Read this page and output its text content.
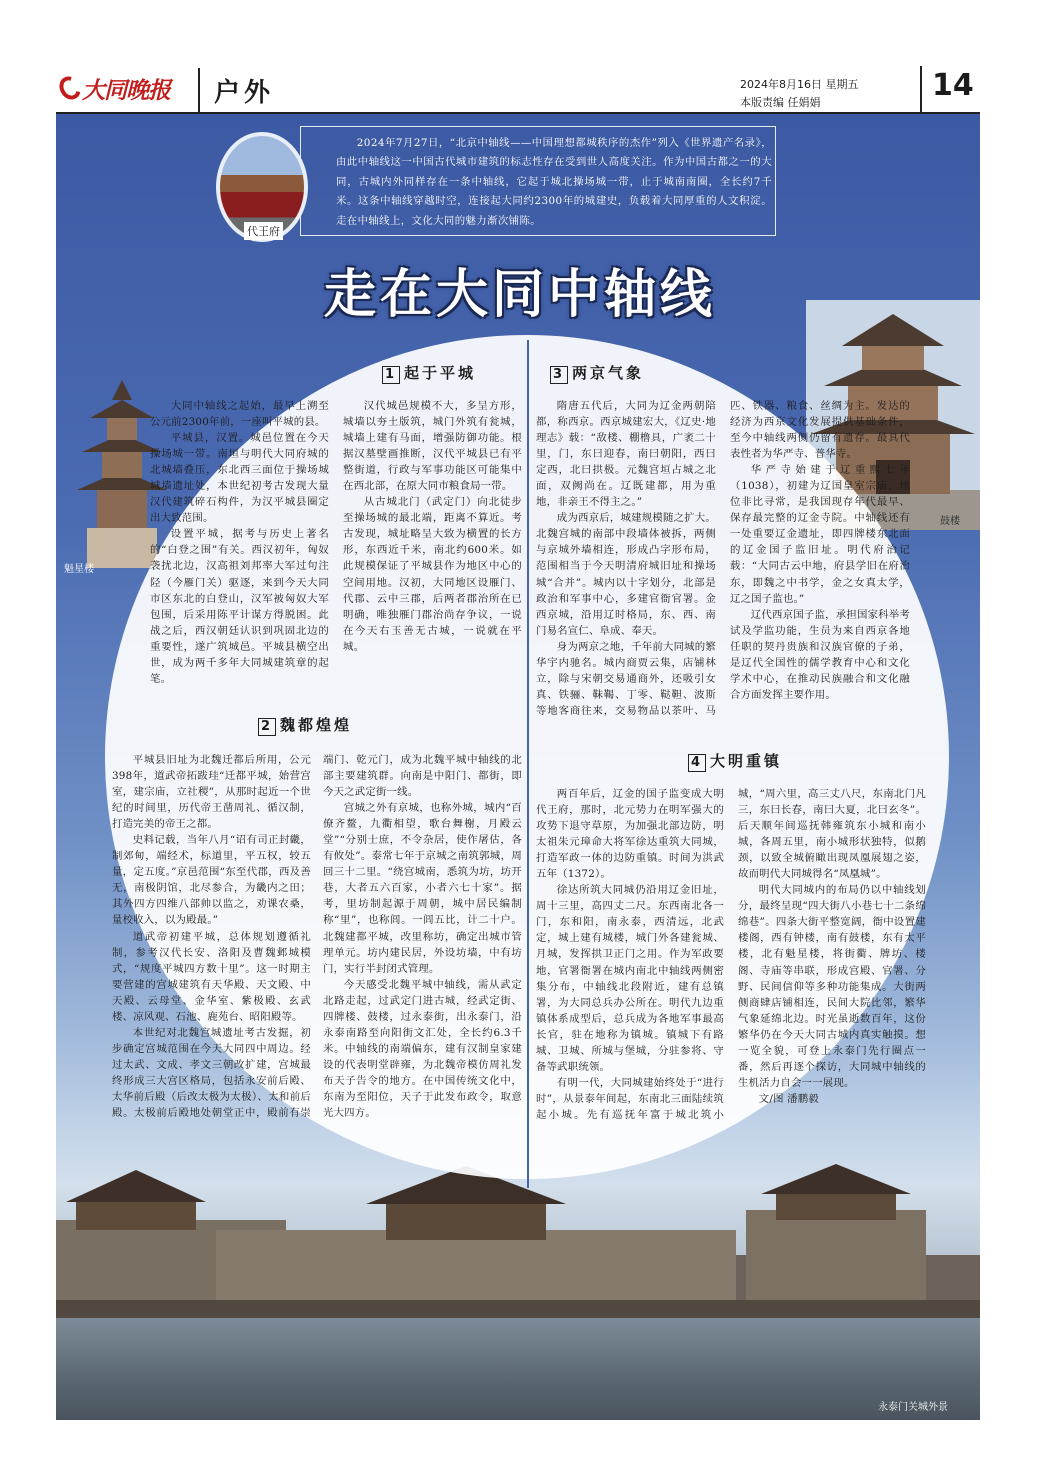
大同晚报 户外	2024年8月16日 星期五
本版责编 任娟娟	14
魁星楼
鼓楼
永泰门关城外景
2024年7月27日，“北京中轴线——中国理想都城秩序的杰作”列入《世界遗产名录》，由此中轴线这一中国古代城市建筑的标志性存在受到世人高度关注。作为中国古都之一的大同，古城内外同样存在一条中轴线，它起于城北操场城一带，止于城南南圈，全长约7千米。这条中轴线穿越时空，连接起大同约2300年的城建史，负载着大同厚重的人文积淀。走在中轴线上，文化大同的魅力渐次铺陈。
代王府
走在大同中轴线
1 起于平城

大同中轴线之起始，最早上溯至公元前2300年前，一座叫平城的县。

平城县，汉置。城邑位置在今天操场城一带。南垣与明代大同府城的北城墙叠压，东北西三面位于操场城城墙遗址处，本世纪初考古发现大量汉代建筑碎石构件，为汉平城县圈定出大致范围。

设置平城，据考与历史上著名的“白登之围”有关。西汉初年，匈奴袭扰北边，汉高祖刘邦率大军过句注陉（今雁门关）驱逐，来到今天大同市区东北的白登山，汉军被匈奴大军包围，后采用陈平计谋方得脱困。此战之后，西汉朝廷认识到巩固北边的重要性，遂广筑城邑。平城县横空出世，成为两千多年大同城建筑章的起笔。

汉代城邑规模不大，多呈方形，城墙以夯土版筑，城门外筑有瓮城，城墙上建有马面，增强防御功能。根据汉墓壁画推断，汉代平城县已有平整街道，行政与军事功能区可能集中在西北部，在原大同市粮食局一带。

从古城北门（武定门）向北徒步至操场城的最北端，距离不算近。考古发现，城址略呈大致为横置的长方形，东西近千米，南北约600米。如此规模保证了平城县作为地区中心的空间用地。汉初，大同地区设雁门、代郡、云中三郡，后两者郡治所在已明确，唯独雁门郡治尚存争议，一说在今天右玉善无古城，一说就在平城。

2 魏都煌煌

平城县旧址为北魏迁都后所用，公元398年，道武帝拓跋珪“迁都平城，始营宫室，建宗庙，立社稷”，从那时起近一个世纪的时间里，历代帝王凿周礼、循汉制，打造完美的帝王之都。

史料记载，当年八月“诏有司正封畿，制郊甸，端经术，标道里，平五权，较五量，定五度。”京邑范围“东至代郡，西及善无，南极阴馆，北尽参合，为畿内之田；其外四方四维八部帅以监之，劝课农桑，量校收入，以为殿最。”

道武帝初建平城，总体规划遵循礼制，参考汉代长安、洛阳及曹魏邺城模式，“规度平城四方数十里”。这一时期主要营建的宫城建筑有天华殿、天文殿、中天殿、云母堂、金华室、紫极殿、玄武楼、凉风观、石池、鹿苑台、昭阳殿等。

本世纪对北魏宫城遗址考古发掘，初步确定宫城范围在今天大同四中周边。经过太武、文成、孝文三朝改扩建，宫城最终形成三大宫区格局，包括永安前后殿、太华前后殿（后改太极为太极）、太和前后殿。太极前后殿地处朝堂正中，殿前有崇端门、乾元门，成为北魏平城中轴线的北部主要建筑群。向南是中阳门、都街，即今天之武定街一线。

宫城之外有京城，也称外城，城内“百僚齐鳌，九衢相望，歌台舞榭，月殿云堂”“分别士庶，不令杂居，使作屠估，各有攸处”。泰常七年于京城之南筑郭城，周回三十二里。“绕宫城南，悉筑为坊，坊开巷，大者五六百家，小者六七十家”。据考，里坊制起源于周朝，城中居民编制称“里”，也称闾。一闾五比，计二十户。北魏建都平城，改里称坊，确定出城市管理单元。坊内建民居，外设坊墙，中有坊门，实行半封闭式管理。

今天感受北魏平城中轴线，需从武定北路走起，过武定门进古城，经武定街、四牌楼、鼓楼，过永泰街，出永泰门，沿永泰南路至向阳街文汇处，全长约6.3千米。中轴线的南端偏东，建有汉制皇家建设的代表明堂辟雍，为北魏帝模仿周礼发布天子告令的地方。在中国传统文化中，东南为至阳位，天子于此发布政令，取意光大四方。

3 两京气象

隋唐五代后，大同为辽金两朝陪都，称西京。西京城建宏大，《辽史·地理志》载：“敌楼、棚橹具，广袤二十里，门，东曰迎春，南曰朝阳，西曰定西，北曰拱极。元魏宫垣占城之北面，双阙尚在。辽既建都，用为重地，非亲王不得主之。”

成为西京后，城建规模随之扩大。北魏宫城的南部中段墙体被拆，两侧与京城外墙相连，形成凸字形布局，范围相当于今天明清府城旧址和操场城“合并”。城内以十字划分，北部是政治和军事中心，多建官衙官署。金西京城，沿用辽时格局，东、西、南门易名宣仁、阜成、奉天。

身为两京之地，千年前大同城的繁华宇内驰名。城内商贾云集，店铺林立，除与宋朝交易通商外，还吸引女真、铁骊、靺鞨、丁零、鞑靼、波斯等地客商往来，交易物品以茶叶、马匹、铁器、粮食、丝绸为主。发达的经济为西京文化发展提供基础条件，至今中轴线两侧仍留有遗存。最具代表性者为华严寺、普华寺。

华严寺始建于辽重熙七年（1038），初建为辽国皇室宗庙，地位非比寻常，是我国现存年代最早、保存最完整的辽金寺院。中轴线还有一处重要辽金遗址，即四牌楼东北面的辽金国子监旧址。明代府治记载：“大同古云中地，府县学旧在府治东，即魏之中书学，金之女真太学，辽之国子监也。”

辽代西京国子监，承担国家科举考试及学监功能，生员为来自西京各地任职的契丹贵族和汉族官僚的子弟，是辽代全国性的儒学教育中心和文化学术中心，在推动民族融合和文化融合方面发挥主要作用。

4 大明重镇

两百年后，辽金的国子监变成大明代王府，那时，北元势力在明军强大的攻势下退守草原，为加强北部边防，明太祖朱元璋命大将军徐达重筑大同城，打造军政一体的边防重镇。时间为洪武五年（1372）。

徐达所筑大同城仍沿用辽金旧址，周十三里，高四丈二尺。东西南北各一门，东和阳，南永泰，西清远，北武定，城上建有城楼，城门外各建瓮城、月城，发挥拱卫正门之用。作为军政要地，官署衙署在城内南北中轴线两侧密集分布，中轴线北段附近，建有总镇署，为大同总兵办公所在。明代九边重镇体系成型后，总兵成为各地军事最高长官，驻在地称为镇城。镇城下有路城、卫城、所城与堡城，分驻参将、守备等武职统领。

有明一代，大同城建始终处于“进行时”，从景泰年间起，东南北三面陆续筑起小城。先有巡抚年富于城北筑小城，“周六里，高三丈八尺，东南北门凡三，东曰长春，南曰大夏，北曰玄冬”。后天顺年间巡抚韩雍筑东小城和南小城，各周五里，南小城形状独特，似鹅颈，以致全城俯瞰出现凤凰展翅之姿，故而明代大同城得名“凤凰城”。

明代大同城内的布局仍以中轴线划分，最终呈现“四大街八小巷七十二条绵绵巷”。四条大街平整宽阔，衙中设置建楼阁，西有钟楼，南有鼓楼，东有太平楼，北有魁星楼，将街衢、牌坊、楼阁、寺庙等串联，形成宫殿、官署、分野、民间信仰等多种功能集成。大街两侧商肆店铺相连，民间大院比邻，繁华气象延绵北边。时光虽逝数百年，这份繁华仍在今天大同古城内真实触摸。想一览全貌，可登上永泰门先行圈点一番，然后再逐个探访，大同城中轴线的生机活力自会一一展现。

文/图 潘鹏毅
